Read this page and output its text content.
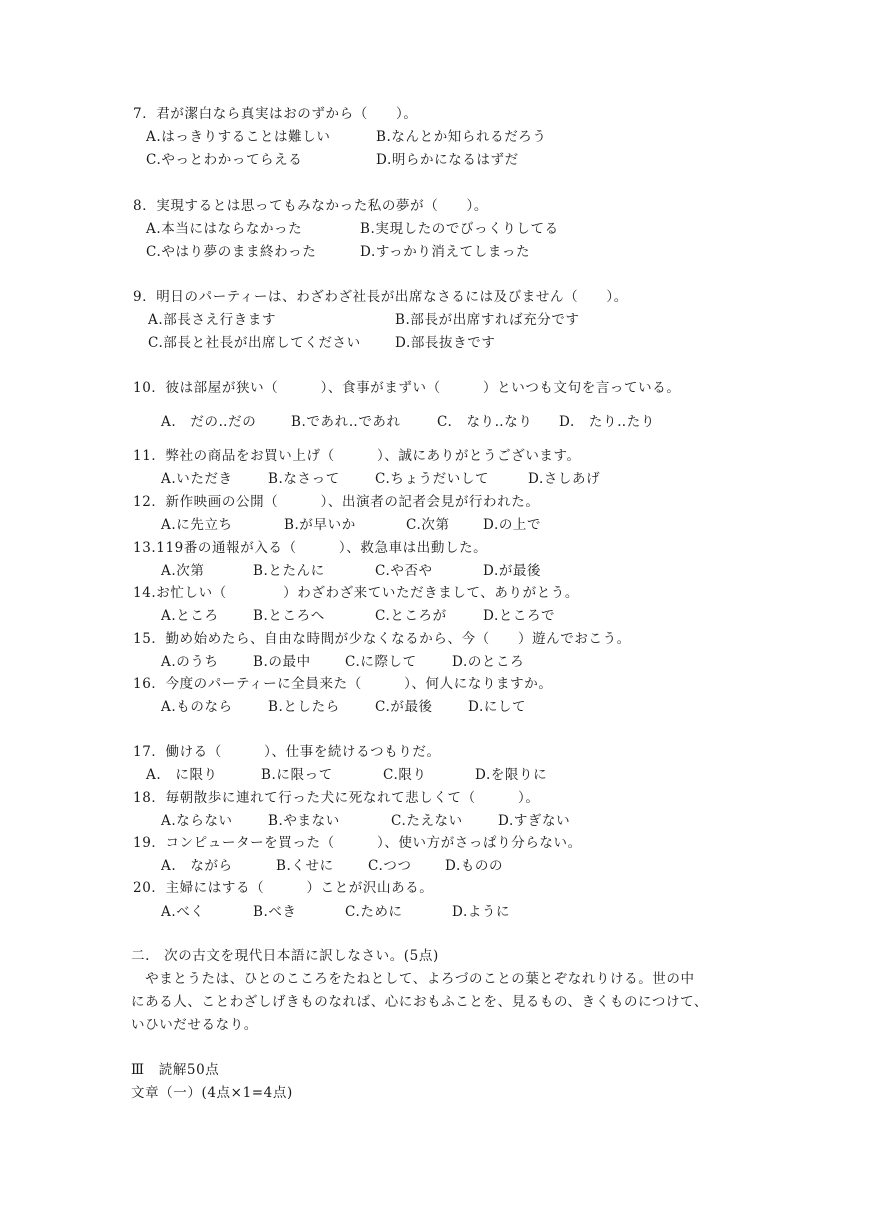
7．君が潔白なら真実はおのずから（　　）。
A.はっきりすることは難しい	B.なんとか知られるだろう
C.やっとわかってらえる	D.明らかになるはずだ
8．実現するとは思ってもみなかった私の夢が（　　）。
A.本当にはならなかった	B.実現したのでびっくりしてる
C.やはり夢のまま終わった	D.すっかり消えてしまった
9．明日のパーティーは、わざわざ社長が出席なさるには及びません（　　）。
A.部長さえ行きます	B.部長が出席すれば充分です
C.部長と社長が出席してください	D.部長抜きです
10．彼は部屋が狭い（　　　）、食事がまずい（　　　）といつも文句を言っている。
A.　だの‥だの	B.であれ‥であれ	C.　なり‥なり D.　たり‥たり
11．弊社の商品をお買い上げ（　　　）、誠にありがとうございます。
A.いただき	B.なさって	C.ちょうだいして	D.さしあげ
12．新作映画の公開（　　　）、出演者の記者会見が行われた。
A.に先立ち	B.が早いか	C.次第 D.の上で
13.119番の通報が入る（　　　）、救急車は出動した。
A.次第	B.とたんに	C.や否や	D.が最後
14.お忙しい（　　　　）わざわざ来ていただきまして、ありがとう。
A.ところ	B.ところへ	C.ところが	D.ところで
15．勤め始めたら、自由な時間が少なくなるから、今（　　）遊んでおこう。
A.のうち	B.の最中	C.に際して	D.のところ
16．今度のパーティーに全員来た（　　　）、何人になりますか。
A.ものなら	B.としたら	C.が最後	D.にして
17．働ける（　　　）、仕事を続けるつもりだ。
A.　に限り	B.に限って	C.限り	D.を限りに
18．毎朝散歩に連れて行った犬に死なれて悲しくて（　　　）。
A.ならない	B.やまない	C.たえない	D.すぎない
19．コンピューターを買った（　　　）、使い方がさっぱり分らない。
A.　ながら	B.くせに	C.つつ D.ものの
20．主婦にはする（　　　）ことが沢山ある。
A.べく	B.べき	C.ために	D.ように
二.　次の古文を現代日本語に訳しなさい。(5点)
　やまとうたは、ひとのこころをたねとして、よろづのことの葉とぞなれりける。世の中
にある人、ことわざしげきものなれば、心におもふことを、見るもの、きくものにつけて、
いひいだせるなり。
Ⅲ　読解50点
文章（一）(4点×1=4点)
